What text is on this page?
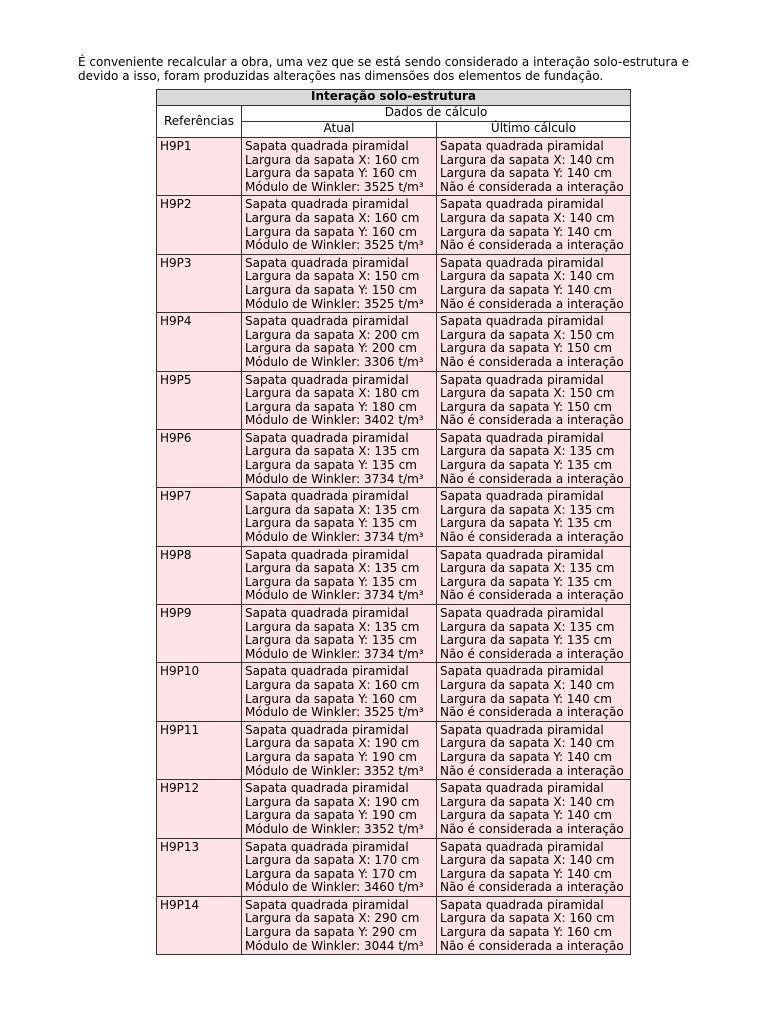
É conveniente recalcular a obra, uma vez que se está sendo considerado a interação solo-estrutura e devido a isso, foram produzidas alterações nas dimensões dos elementos de fundação.

Interação solo-estrutura		
Referências	Dados de cálculo	
	Atual	Último cálculo
H9P1	Sapata quadrada piramidal
Largura da sapata X: 160 cm
Largura da sapata Y: 160 cm
Módulo de Winkler: 3525 t/m³	Sapata quadrada piramidal
Largura da sapata X: 140 cm
Largura da sapata Y: 140 cm
Não é considerada a interação

H9P2	Sapata quadrada piramidal
Largura da sapata X: 160 cm
Largura da sapata Y: 160 cm
Módulo de Winkler: 3525 t/m³	Sapata quadrada piramidal
Largura da sapata X: 140 cm
Largura da sapata Y: 140 cm
Não é considerada a interação

H9P3	Sapata quadrada piramidal
Largura da sapata X: 150 cm
Largura da sapata Y: 150 cm
Módulo de Winkler: 3525 t/m³	Sapata quadrada piramidal
Largura da sapata X: 140 cm
Largura da sapata Y: 140 cm
Não é considerada a interação

H9P4	Sapata quadrada piramidal
Largura da sapata X: 200 cm
Largura da sapata Y: 200 cm
Módulo de Winkler: 3306 t/m³	Sapata quadrada piramidal
Largura da sapata X: 150 cm
Largura da sapata Y: 150 cm
Não é considerada a interação

H9P5	Sapata quadrada piramidal
Largura da sapata X: 180 cm
Largura da sapata Y: 180 cm
Módulo de Winkler: 3402 t/m³	Sapata quadrada piramidal
Largura da sapata X: 150 cm
Largura da sapata Y: 150 cm
Não é considerada a interação

H9P6	Sapata quadrada piramidal
Largura da sapata X: 135 cm
Largura da sapata Y: 135 cm
Módulo de Winkler: 3734 t/m³	Sapata quadrada piramidal
Largura da sapata X: 135 cm
Largura da sapata Y: 135 cm
Não é considerada a interação

H9P7	Sapata quadrada piramidal
Largura da sapata X: 135 cm
Largura da sapata Y: 135 cm
Módulo de Winkler: 3734 t/m³	Sapata quadrada piramidal
Largura da sapata X: 135 cm
Largura da sapata Y: 135 cm
Não é considerada a interação

H9P8	Sapata quadrada piramidal
Largura da sapata X: 135 cm
Largura da sapata Y: 135 cm
Módulo de Winkler: 3734 t/m³	Sapata quadrada piramidal
Largura da sapata X: 135 cm
Largura da sapata Y: 135 cm
Não é considerada a interação

H9P9	Sapata quadrada piramidal
Largura da sapata X: 135 cm
Largura da sapata Y: 135 cm
Módulo de Winkler: 3734 t/m³	Sapata quadrada piramidal
Largura da sapata X: 135 cm
Largura da sapata Y: 135 cm
Não é considerada a interação

H9P10	Sapata quadrada piramidal
Largura da sapata X: 160 cm
Largura da sapata Y: 160 cm
Módulo de Winkler: 3525 t/m³	Sapata quadrada piramidal
Largura da sapata X: 140 cm
Largura da sapata Y: 140 cm
Não é considerada a interação

H9P11	Sapata quadrada piramidal
Largura da sapata X: 190 cm
Largura da sapata Y: 190 cm
Módulo de Winkler: 3352 t/m³	Sapata quadrada piramidal
Largura da sapata X: 140 cm
Largura da sapata Y: 140 cm
Não é considerada a interação

H9P12	Sapata quadrada piramidal
Largura da sapata X: 190 cm
Largura da sapata Y: 190 cm
Módulo de Winkler: 3352 t/m³	Sapata quadrada piramidal
Largura da sapata X: 140 cm
Largura da sapata Y: 140 cm
Não é considerada a interação

H9P13	Sapata quadrada piramidal
Largura da sapata X: 170 cm
Largura da sapata Y: 170 cm
Módulo de Winkler: 3460 t/m³	Sapata quadrada piramidal
Largura da sapata X: 140 cm
Largura da sapata Y: 140 cm
Não é considerada a interação

H9P14	Sapata quadrada piramidal
Largura da sapata X: 290 cm
Largura da sapata Y: 290 cm
Módulo de Winkler: 3044 t/m³	Sapata quadrada piramidal
Largura da sapata X: 160 cm
Largura da sapata Y: 160 cm
Não é considerada a interação
